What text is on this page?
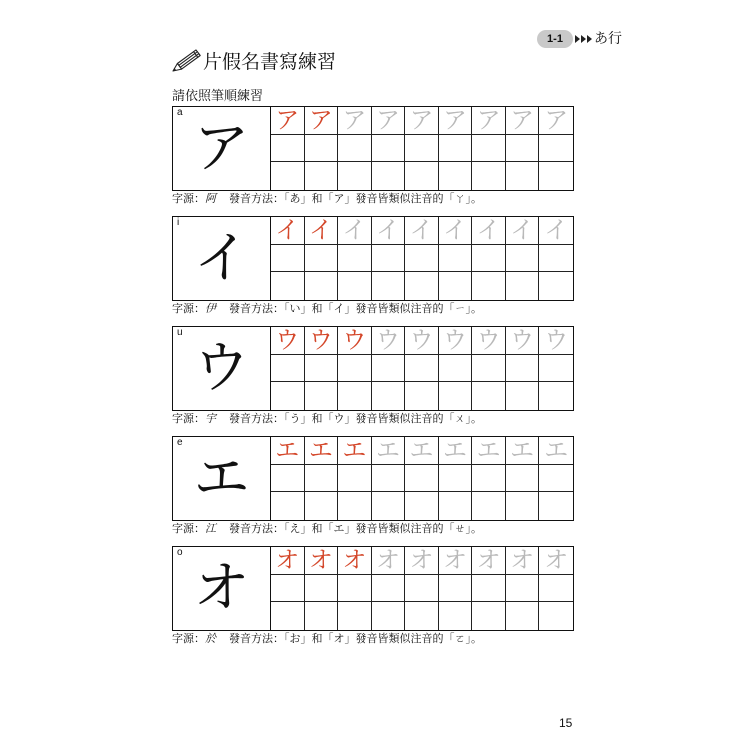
1-1	あ行
片假名書寫練習
請依照筆順練習
a
ア	ア ア ア ア ア ア ア ア ア
字源：阿 發音方法：「あ」和「ア」發音皆類似注音的「ㄚ」。
i
イ	イ イ イ イ イ イ イ イ イ
字源：伊 發音方法：「い」和「イ」發音皆類似注音的「ㄧ」。
u
ウ	ウ ウ ウ ウ ウ ウ ウ ウ ウ
字源：宇 發音方法：「う」和「ウ」發音皆類似注音的「ㄨ」。
e
エ	エ エ エ エ エ エ エ エ エ
字源：江 發音方法：「え」和「エ」發音皆類似注音的「ㄝ」。
o
オ	オ オ オ オ オ オ オ オ オ
字源：於 發音方法：「お」和「オ」發音皆類似注音的「ㄛ」。
15
